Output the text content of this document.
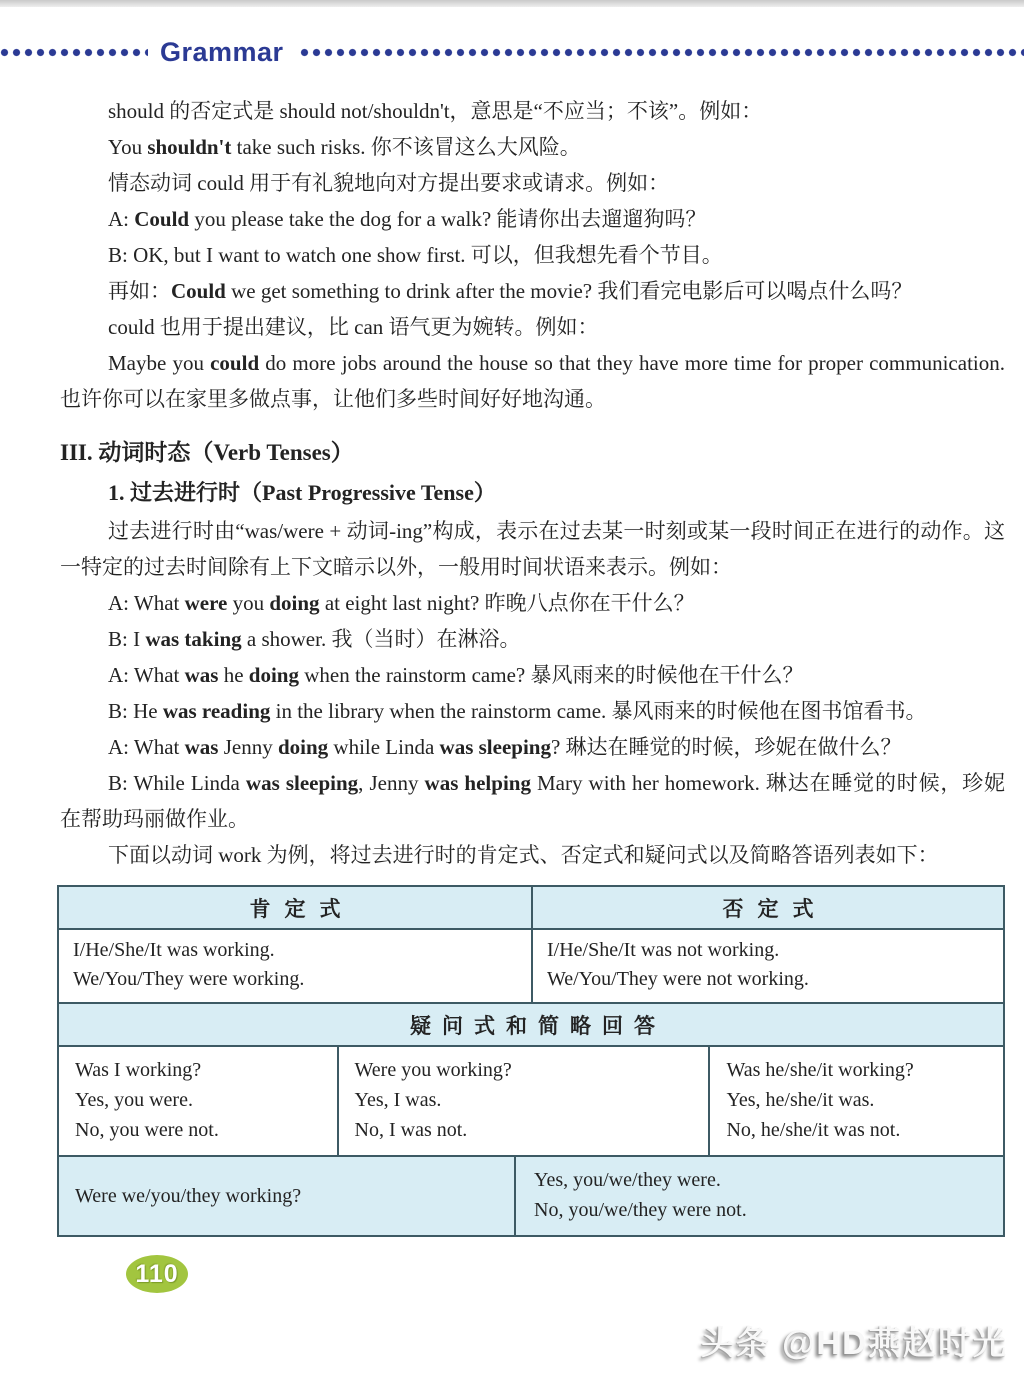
Grammar

should 的否定式是 should not/shouldn't，意思是“不应当；不该”。例如：

You shouldn't take such risks. 你不该冒这么大风险。

情态动词 could 用于有礼貌地向对方提出要求或请求。例如：

A: Could you please take the dog for a walk? 能请你出去遛遛狗吗？

B: OK, but I want to watch one show first. 可以，但我想先看个节目。

再如：Could we get something to drink after the movie? 我们看完电影后可以喝点什么吗？

could 也用于提出建议，比 can 语气更为婉转。例如：

Maybe you could do more jobs around the house so that they have more time for proper communication. 也许你可以在家里多做点事，让他们多些时间好好地沟通。

III. 动词时态（Verb Tenses）
1. 过去进行时（Past Progressive Tense）

过去进行时由“was/were + 动词-ing”构成，表示在过去某一时刻或某一段时间正在进行的动作。这一特定的过去时间除有上下文暗示以外，一般用时间状语来表示。例如：

A: What were you doing at eight last night? 昨晚八点你在干什么？

B: I was taking a shower. 我（当时）在淋浴。

A: What was he doing when the rainstorm came? 暴风雨来的时候他在干什么？

B: He was reading in the library when the rainstorm came. 暴风雨来的时候他在图书馆看书。

A: What was Jenny doing while Linda was sleeping? 琳达在睡觉的时候，珍妮在做什么？

B: While Linda was sleeping, Jenny was helping Mary with her homework. 琳达在睡觉的时候，珍妮在帮助玛丽做作业。

下面以动词 work 为例，将过去进行时的肯定式、否定式和疑问式以及简略答语列表如下：

肯定式	否定式
I/He/She/It was working.
We/You/They were working.
I/He/She/It was not working.
We/You/They were not working.
疑问式和简略回答
Was I working?
Yes, you were.
No, you were not.
Were you working?
Yes, I was.
No, I was not.
Was he/she/it working?
Yes, he/she/it was.
No, he/she/it was not.
Were we/you/they working?
Yes, you/we/they were.
No, you/we/they were not.
110
头条 @HD燕赵时光
